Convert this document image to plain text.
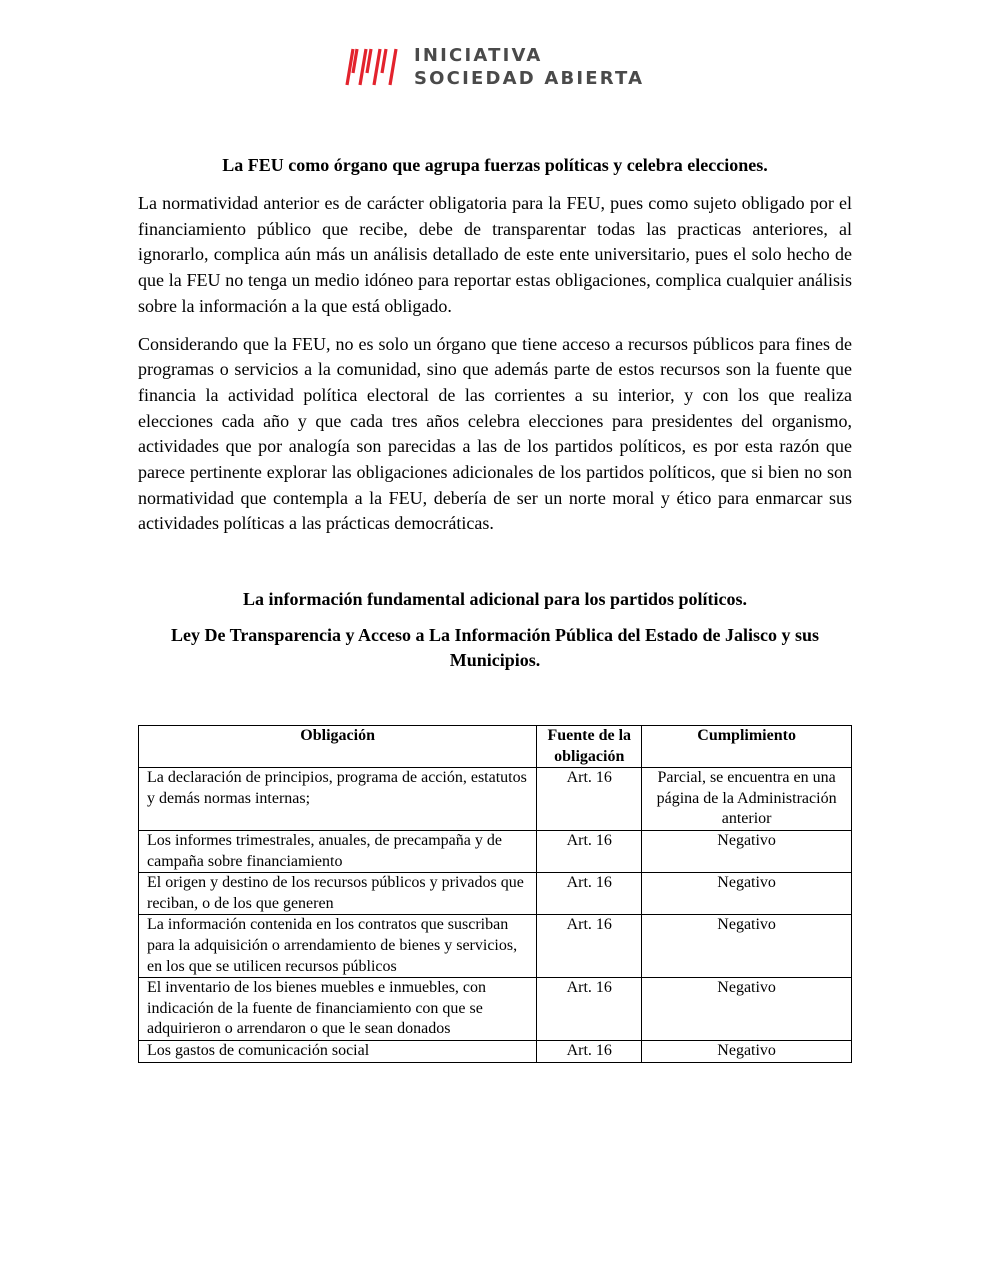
INICIATIVA
SOCIEDAD ABIERTA
La FEU como órgano que agrupa fuerzas políticas y celebra elecciones.

La normatividad anterior es de carácter obligatoria para la FEU, pues como sujeto obligado por el financiamiento público que recibe, debe de transparentar todas las practicas anteriores, al ignorarlo, complica aún más un análisis detallado de este ente universitario, pues el solo hecho de que la FEU no tenga un medio idóneo para reportar estas obligaciones, complica cualquier análisis sobre la información a la que está obligado.

Considerando que la FEU, no es solo un órgano que tiene acceso a recursos públicos para fines de programas o servicios a la comunidad, sino que además parte de estos recursos son la fuente que financia la actividad política electoral de las corrientes a su interior, y con los que realiza elecciones cada año y que cada tres años celebra elecciones para presidentes del organismo, actividades que por analogía son parecidas a las de los partidos políticos, es por esta razón que parece pertinente explorar las obligaciones adicionales de los partidos políticos, que si bien no son normatividad que contempla a la FEU, debería de ser un norte moral y ético para enmarcar sus actividades políticas a las prácticas democráticas.

La información fundamental adicional para los partidos políticos.
Ley De Transparencia y Acceso a La Información Pública del Estado de Jalisco y sus Municipios.
Obligación	Fuente de la obligación	Cumplimiento
La declaración de principios, programa de acción, estatutos y demás normas internas;	Art. 16	Parcial, se encuentra en una página de la Administración anterior
Los informes trimestrales, anuales, de precampaña y de campaña sobre financiamiento	Art. 16	Negativo
El origen y destino de los recursos públicos y privados que reciban, o de los que generen	Art. 16	Negativo
La información contenida en los contratos que suscriban para la adquisición o arrendamiento de bienes y servicios, en los que se utilicen recursos públicos	Art. 16	Negativo
El inventario de los bienes muebles e inmuebles, con indicación de la fuente de financiamiento con que se adquirieron o arrendaron o que le sean donados	Art. 16	Negativo
Los gastos de comunicación social	Art. 16	Negativo
